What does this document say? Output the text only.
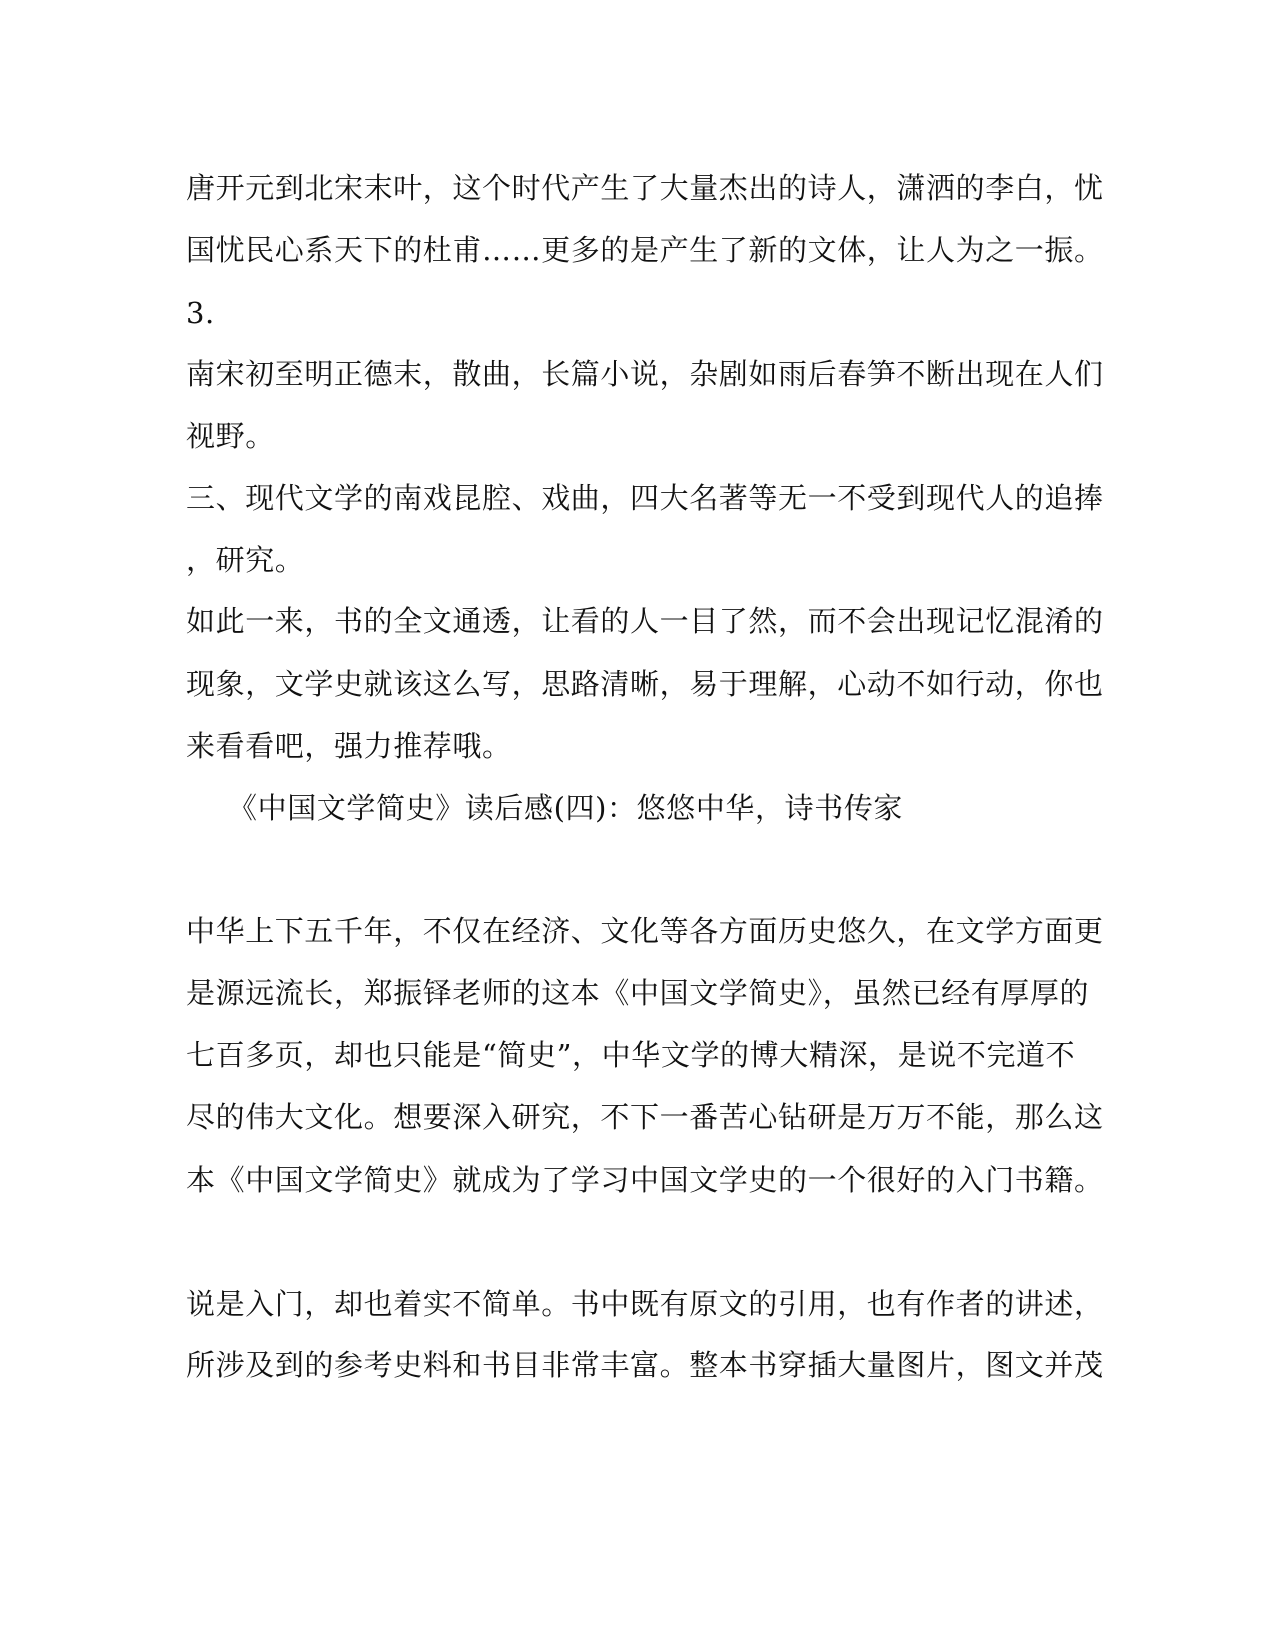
唐开元到北宋末叶，这个时代产生了大量杰出的诗人，潇洒的李白，忧
国忧民心系天下的杜甫……更多的是产生了新的文体，让人为之一振。
3.
南宋初至明正德末，散曲，长篇小说，杂剧如雨后春笋不断出现在人们
视野。
三、现代文学的南戏昆腔、戏曲，四大名著等无一不受到现代人的追捧
，研究。
如此一来，书的全文通透，让看的人一目了然，而不会出现记忆混淆的
现象，文学史就该这么写，思路清晰，易于理解，心动不如行动，你也
来看看吧，强力推荐哦。
《中国文学简史》读后感(四)：悠悠中华，诗书传家
中华上下五千年，不仅在经济、文化等各方面历史悠久，在文学方面更
是源远流长，郑振铎老师的这本《中国文学简史》，虽然已经有厚厚的
七百多页，却也只能是“简史”，中华文学的博大精深，是说不完道不
尽的伟大文化。想要深入研究，不下一番苦心钻研是万万不能，那么这
本《中国文学简史》就成为了学习中国文学史的一个很好的入门书籍。
说是入门，却也着实不简单。书中既有原文的引用，也有作者的讲述，
所涉及到的参考史料和书目非常丰富。整本书穿插大量图片，图文并茂
